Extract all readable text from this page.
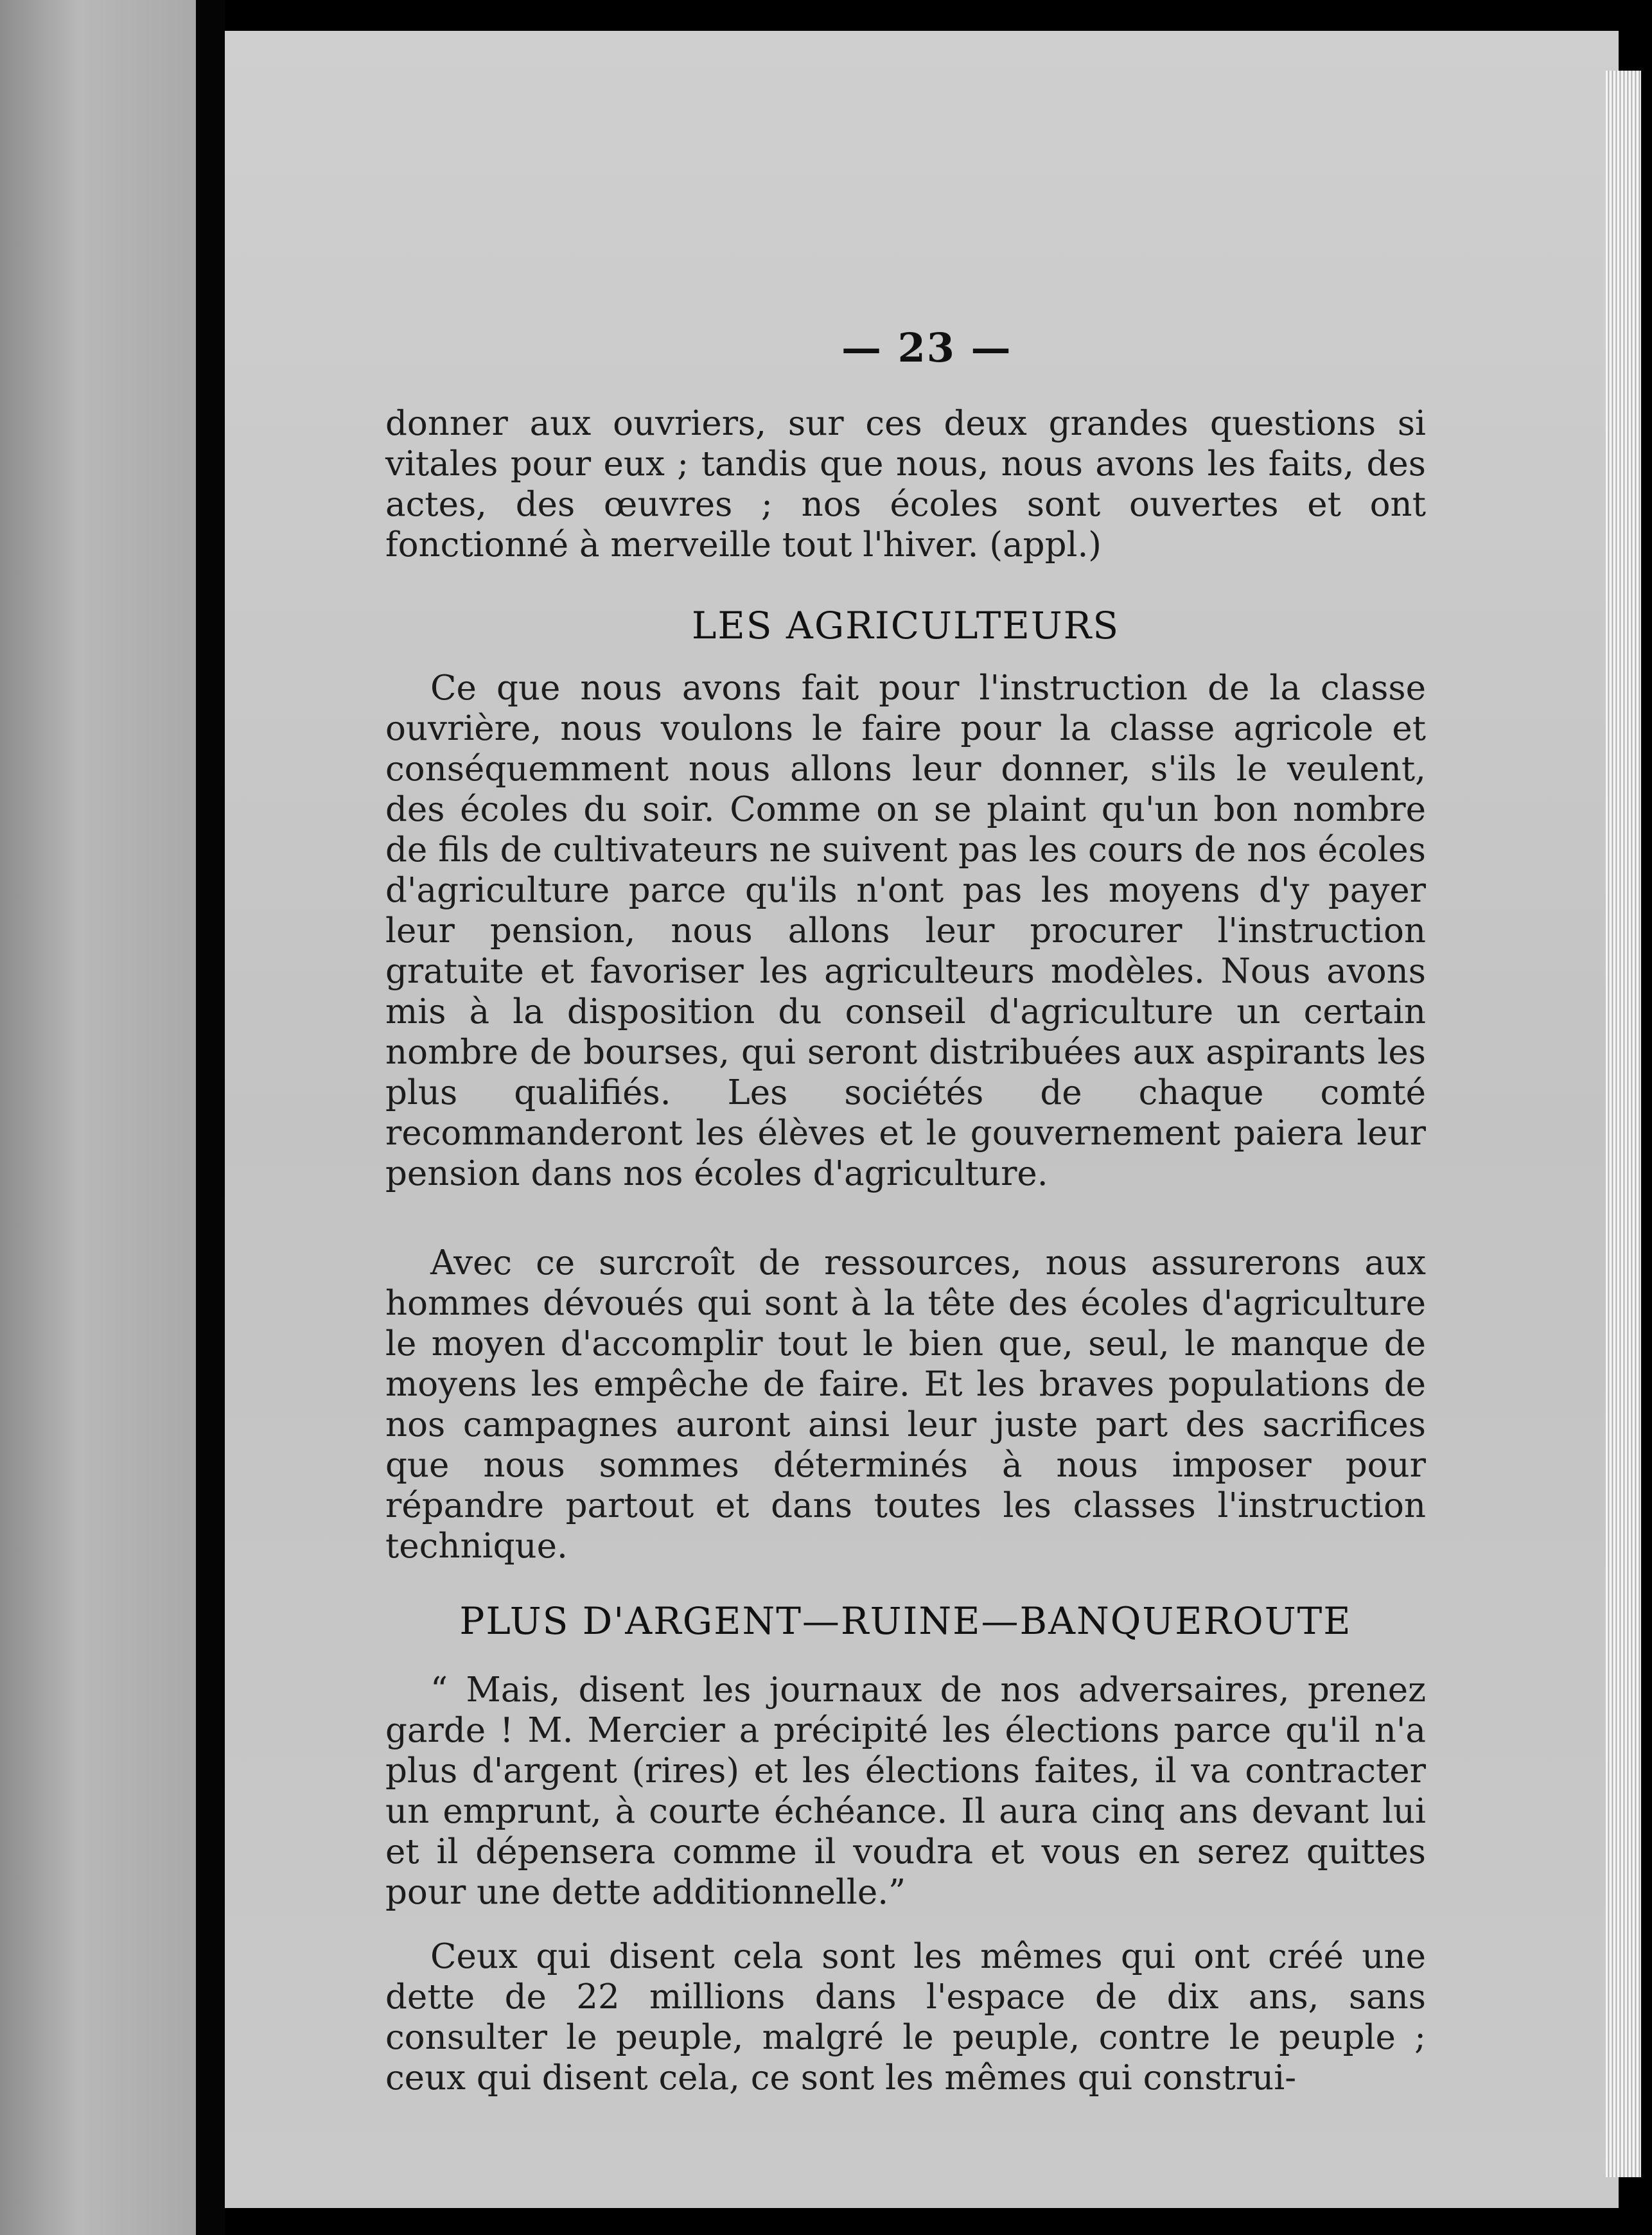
— 23 —
donner aux ouvriers, sur ces deux grandes questions si vitales pour eux ; tandis que nous, nous avons les faits, des actes, des œuvres ; nos écoles sont ouvertes et ont fonctionné à merveille tout l'hiver. (appl.)
LES AGRICULTEURS
Ce que nous avons fait pour l'instruction de la classe ouvrière, nous voulons le faire pour la classe agricole et conséquemment nous allons leur donner, s'ils le veulent, des écoles du soir. Comme on se plaint qu'un bon nombre de fils de cultivateurs ne suivent pas les cours de nos écoles d'agriculture parce qu'ils n'ont pas les moyens d'y payer leur pension, nous allons leur procurer l'instruction gratuite et favoriser les agriculteurs modèles. Nous avons mis à la disposition du conseil d'agriculture un certain nombre de bourses, qui seront distribuées aux aspirants les plus qualifiés. Les sociétés de chaque comté recommanderont les élèves et le gouvernement paiera leur pension dans nos écoles d'agriculture.
Avec ce surcroît de ressources, nous assurerons aux hommes dévoués qui sont à la tête des écoles d'agriculture le moyen d'accomplir tout le bien que, seul, le manque de moyens les empêche de faire. Et les braves populations de nos campagnes auront ainsi leur juste part des sacrifices que nous sommes déterminés à nous imposer pour répandre partout et dans toutes les classes l'instruction technique.
PLUS D'ARGENT—RUINE—BANQUEROUTE
“ Mais, disent les journaux de nos adversaires, prenez garde ! M. Mercier a précipité les élections parce qu'il n'a plus d'argent (rires) et les élections faites, il va contracter un emprunt, à courte échéance. Il aura cinq ans devant lui et il dépensera comme il voudra et vous en serez quittes pour une dette additionnelle.”
Ceux qui disent cela sont les mêmes qui ont créé une dette de 22 millions dans l'espace de dix ans, sans consulter le peuple, malgré le peuple, contre le peuple ; ceux qui disent cela, ce sont les mêmes qui construi-
